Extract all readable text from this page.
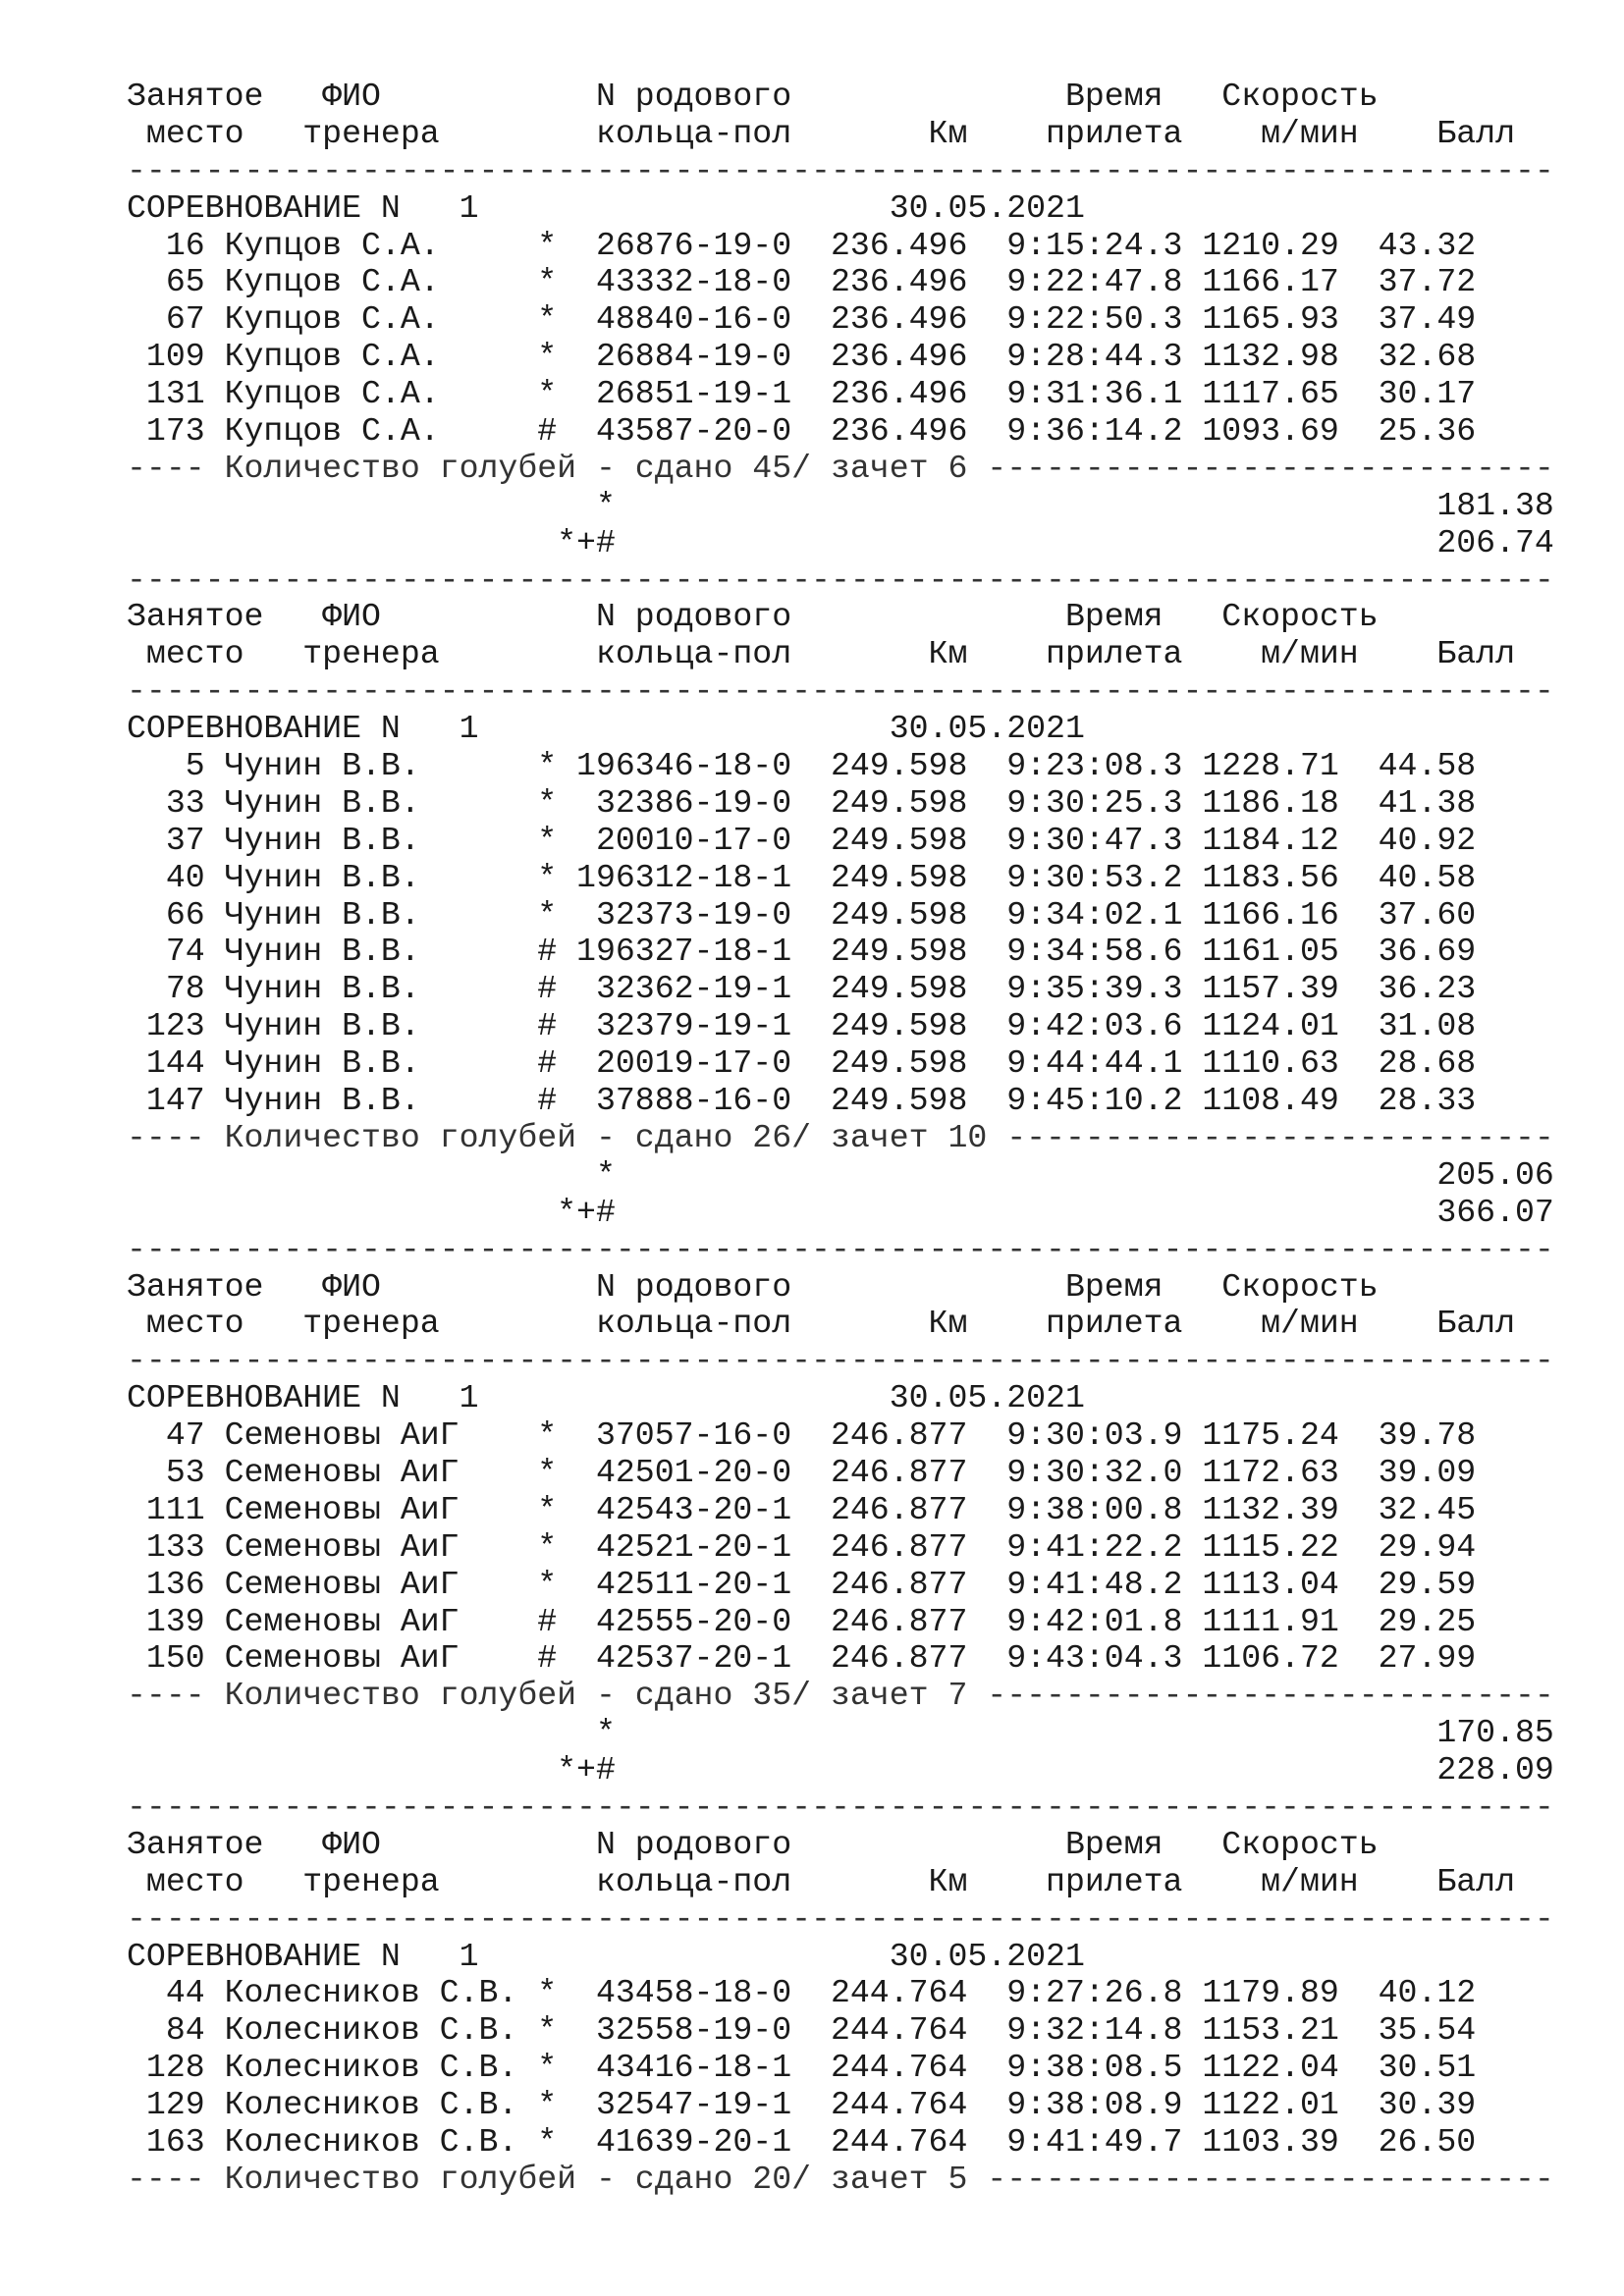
Занятое   ФИО           N родового              Время   Скорость
место   тренера        кольца-пол       Км    прилета    м/мин    Балл
-------------------------------------------------------------------------
СОРЕВНОВАНИЕ N   1                     30.05.2021
16 Купцов С.А.     *  26876-19-0  236.496  9:15:24.3 1210.29  43.32
65 Купцов С.А.     *  43332-18-0  236.496  9:22:47.8 1166.17  37.72
67 Купцов С.А.     *  48840-16-0  236.496  9:22:50.3 1165.93  37.49
109 Купцов С.А.     *  26884-19-0  236.496  9:28:44.3 1132.98  32.68
131 Купцов С.А.     *  26851-19-1  236.496  9:31:36.1 1117.65  30.17
173 Купцов С.А.     #  43587-20-0  236.496  9:36:14.2 1093.69  25.36
---- Количество голубей - сдано 45/ зачет 6 -----------------------------
*                                          181.38
*+#                                          206.74
-------------------------------------------------------------------------
Занятое   ФИО           N родового              Время   Скорость
место   тренера        кольца-пол       Км    прилета    м/мин    Балл
-------------------------------------------------------------------------
СОРЕВНОВАНИЕ N   1                     30.05.2021
5 Чунин В.В.      * 196346-18-0  249.598  9:23:08.3 1228.71  44.58
33 Чунин В.В.      *  32386-19-0  249.598  9:30:25.3 1186.18  41.38
37 Чунин В.В.      *  20010-17-0  249.598  9:30:47.3 1184.12  40.92
40 Чунин В.В.      * 196312-18-1  249.598  9:30:53.2 1183.56  40.58
66 Чунин В.В.      *  32373-19-0  249.598  9:34:02.1 1166.16  37.60
74 Чунин В.В.      # 196327-18-1  249.598  9:34:58.6 1161.05  36.69
78 Чунин В.В.      #  32362-19-1  249.598  9:35:39.3 1157.39  36.23
123 Чунин В.В.      #  32379-19-1  249.598  9:42:03.6 1124.01  31.08
144 Чунин В.В.      #  20019-17-0  249.598  9:44:44.1 1110.63  28.68
147 Чунин В.В.      #  37888-16-0  249.598  9:45:10.2 1108.49  28.33
---- Количество голубей - сдано 26/ зачет 10 ----------------------------
*                                          205.06
*+#                                          366.07
-------------------------------------------------------------------------
Занятое   ФИО           N родового              Время   Скорость
место   тренера        кольца-пол       Км    прилета    м/мин    Балл
-------------------------------------------------------------------------
СОРЕВНОВАНИЕ N   1                     30.05.2021
47 Семеновы АиГ    *  37057-16-0  246.877  9:30:03.9 1175.24  39.78
53 Семеновы АиГ    *  42501-20-0  246.877  9:30:32.0 1172.63  39.09
111 Семеновы АиГ    *  42543-20-1  246.877  9:38:00.8 1132.39  32.45
133 Семеновы АиГ    *  42521-20-1  246.877  9:41:22.2 1115.22  29.94
136 Семеновы АиГ    *  42511-20-1  246.877  9:41:48.2 1113.04  29.59
139 Семеновы АиГ    #  42555-20-0  246.877  9:42:01.8 1111.91  29.25
150 Семеновы АиГ    #  42537-20-1  246.877  9:43:04.3 1106.72  27.99
---- Количество голубей - сдано 35/ зачет 7 -----------------------------
*                                          170.85
*+#                                          228.09
-------------------------------------------------------------------------
Занятое   ФИО           N родового              Время   Скорость
место   тренера        кольца-пол       Км    прилета    м/мин    Балл
-------------------------------------------------------------------------
СОРЕВНОВАНИЕ N   1                     30.05.2021
44 Колесников С.В. *  43458-18-0  244.764  9:27:26.8 1179.89  40.12
84 Колесников С.В. *  32558-19-0  244.764  9:32:14.8 1153.21  35.54
128 Колесников С.В. *  43416-18-1  244.764  9:38:08.5 1122.04  30.51
129 Колесников С.В. *  32547-19-1  244.764  9:38:08.9 1122.01  30.39
163 Колесников С.В. *  41639-20-1  244.764  9:41:49.7 1103.39  26.50
---- Количество голубей - сдано 20/ зачет 5 -----------------------------
